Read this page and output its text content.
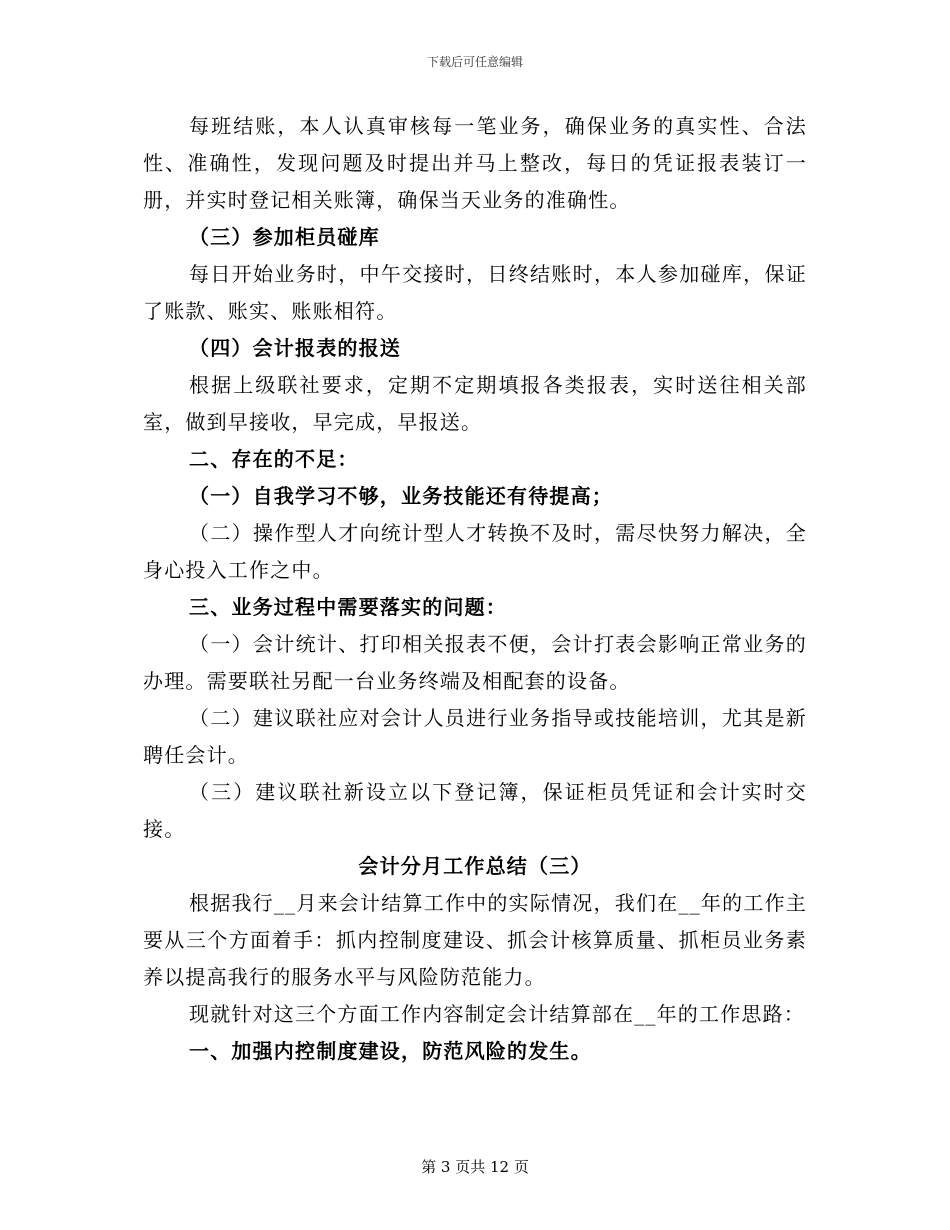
下载后可任意编辑

每班结账，本人认真审核每一笔业务，确保业务的真实性、合法性、准确性，发现问题及时提出并马上整改，每日的凭证报表装订一册，并实时登记相关账簿，确保当天业务的准确性。

（三）参加柜员碰库

每日开始业务时，中午交接时，日终结账时，本人参加碰库，保证了账款、账实、账账相符。

（四）会计报表的报送

根据上级联社要求，定期不定期填报各类报表，实时送往相关部室，做到早接收，早完成，早报送。

二、存在的不足：

（一）自我学习不够，业务技能还有待提高；

（二）操作型人才向统计型人才转换不及时，需尽快努力解决，全身心投入工作之中。

三、业务过程中需要落实的问题：

（一）会计统计、打印相关报表不便，会计打表会影响正常业务的办理。需要联社另配一台业务终端及相配套的设备。

（二）建议联社应对会计人员进行业务指导或技能培训，尤其是新聘任会计。

（三）建议联社新设立以下登记簿，保证柜员凭证和会计实时交接。

会计分月工作总结（三）

根据我行__月来会计结算工作中的实际情况，我们在__年的工作主要从三个方面着手：抓内控制度建设、抓会计核算质量、抓柜员业务素养以提高我行的服务水平与风险防范能力。

现就针对这三个方面工作内容制定会计结算部在__年的工作思路：

一、加强内控制度建设，防范风险的发生。

第 3 页共 12 页
